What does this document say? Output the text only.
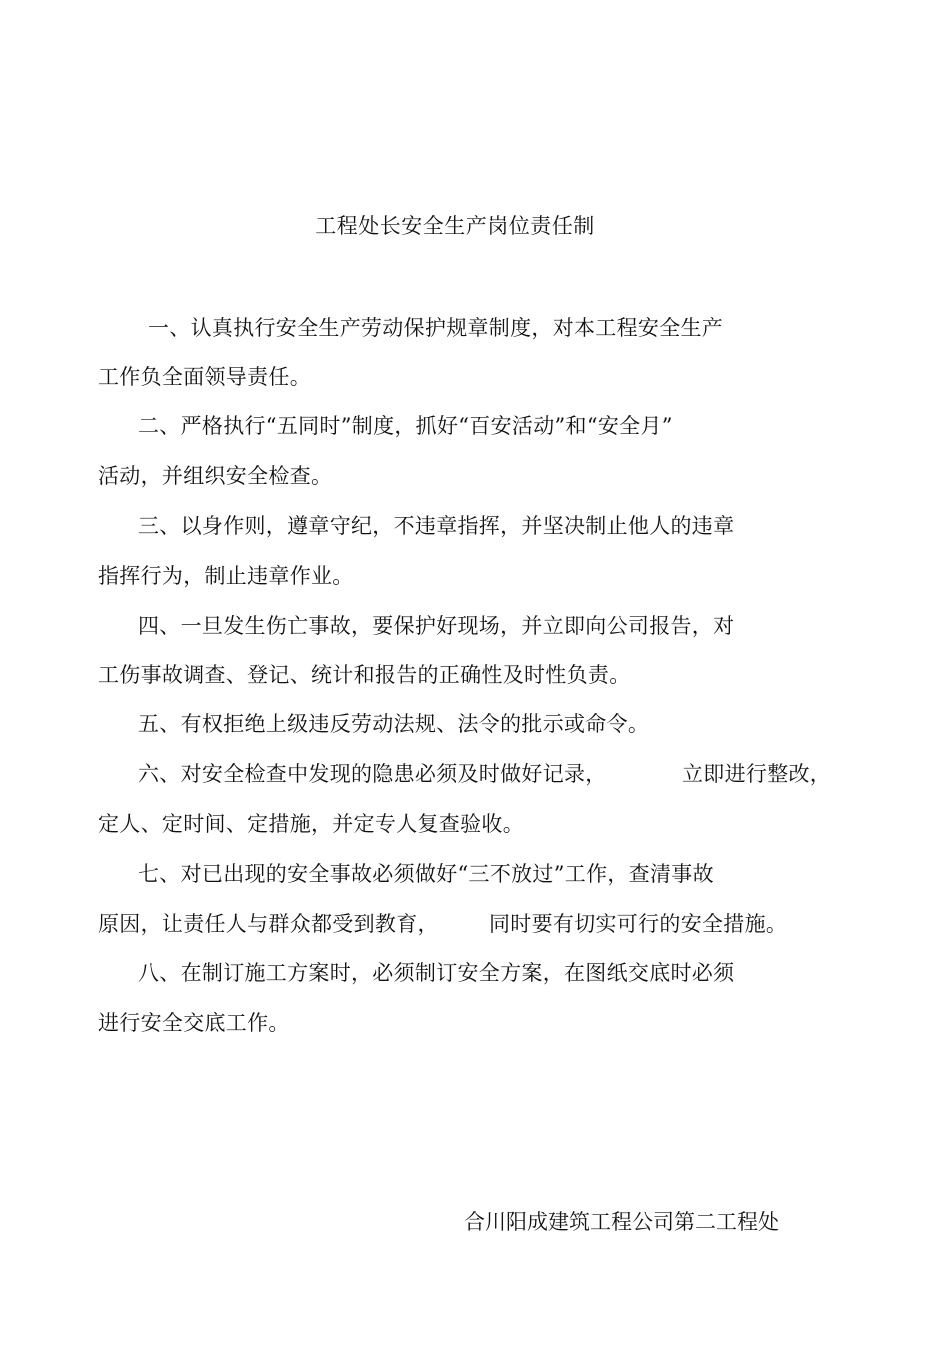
工程处长安全生产岗位责任制
一、认真执行安全生产劳动保护规章制度，对本工程安全生产
工作负全面领导责任。
二、严格执行“五同时”制度，抓好“百安活动”和“安全月”
活动，并组织安全检查。
三、以身作则，遵章守纪，不违章指挥，并坚决制止他人的违章
指挥行为，制止违章作业。
四、一旦发生伤亡事故，要保护好现场，并立即向公司报告，对
工伤事故调查、登记、统计和报告的正确性及时性负责。
五、有权拒绝上级违反劳动法规、法令的批示或命令。
六、对安全检查中发现的隐患必须及时做好记录，	立即进行整改，
定人、定时间、定措施，并定专人复查验收。
七、对已出现的安全事故必须做好“三不放过”工作，查清事故
原因，让责任人与群众都受到教育， 同时要有切实可行的安全措施。
八、在制订施工方案时，必须制订安全方案，在图纸交底时必须
进行安全交底工作。
合川阳成建筑工程公司第二工程处
